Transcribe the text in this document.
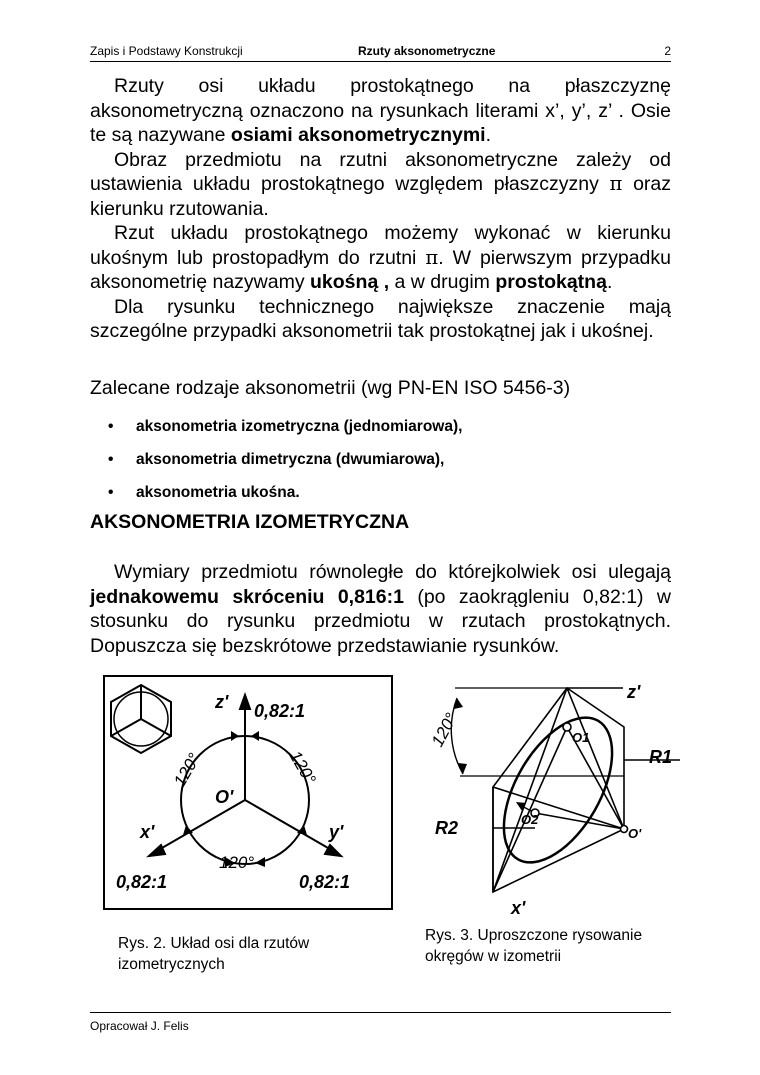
Zapis i Podstawy Konstrukcji	Rzuty aksonometryczne	2

Rzuty osi układu prostokątnego na płaszczyznę aksonometryczną oznaczono na rysunkach literami x’, y’, z’ . Osie te są nazywane osiami aksonometrycznymi.

Obraz przedmiotu na rzutni aksonometryczne zależy od ustawienia układu prostokątnego względem płaszczyzny π oraz kierunku rzutowania.

Rzut układu prostokątnego możemy wykonać w kierunku ukośnym lub prostopadłym do rzutni π. W pierwszym przypadku aksonometrię nazywamy ukośną , a w drugim prostokątną.

Dla rysunku technicznego największe znaczenie mają szczególne przypadki aksonometrii tak prostokątnej jak i ukośnej.

Zalecane rodzaje aksonometrii (wg PN-EN ISO 5456-3)
• aksonometria izometryczna (jednomiarowa),
• aksonometria dimetryczna (dwumiarowa),
• aksonometria ukośna.
AKSONOMETRIA IZOMETRYCZNA

Wymiary przedmiotu równoległe do którejkolwiek osi ulegają jednakowemu skróceniu 0,816:1 (po zaokrągleniu 0,82:1) w stosunku do rysunku przedmiotu w rzutach prostokątnych. Dopuszcza się bezskrótowe przedstawianie rysunków.

z' 0,82:1
O'
x'	y'
0,82:1	0,82:1
120°	120°
120°
Rys. 2. Układ osi dla rzutów izometrycznych
z'
R1
R2
x'
O1
O2
O'
120°
Rys. 3. Uproszczone rysowanie okręgów w izometrii
Opracował J. Felis
